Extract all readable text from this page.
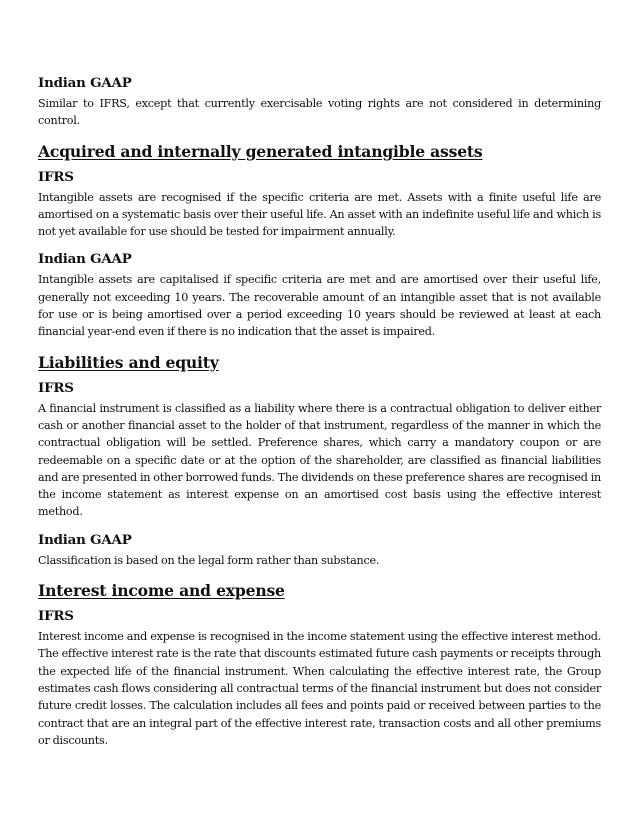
Indian GAAP

Similar to IFRS, except that currently exercisable voting rights are not considered in determining control.

Acquired and internally generated intangible assets
IFRS

Intangible assets are recognised if the specific criteria are met. Assets with a finite useful life are amortised on a systematic basis over their useful life. An asset with an indefinite useful life and which is not yet available for use should be tested for impairment annually.

Indian GAAP

Intangible assets are capitalised if specific criteria are met and are amortised over their useful life, generally not exceeding 10 years. The recoverable amount of an intangible asset that is not available for use or is being amortised over a period exceeding 10 years should be reviewed at least at each financial year-end even if there is no indication that the asset is impaired.

Liabilities and equity
IFRS

A financial instrument is classified as a liability where there is a contractual obligation to deliver either cash or another financial asset to the holder of that instrument, regardless of the manner in which the contractual obligation will be settled. Preference shares, which carry a mandatory coupon or are redeemable on a specific date or at the option of the shareholder, are classified as financial liabilities and are presented in other borrowed funds. The dividends on these preference shares are recognised in the income statement as interest expense on an amortised cost basis using the effective interest method.

Indian GAAP

Classification is based on the legal form rather than substance.

Interest income and expense
IFRS

Interest income and expense is recognised in the income statement using the effective interest method. The effective interest rate is the rate that discounts estimated future cash payments or receipts through the expected life of the financial instrument. When calculating the effective interest rate, the Group estimates cash flows considering all contractual terms of the financial instrument but does not consider future credit losses. The calculation includes all fees and points paid or received between parties to the contract that are an integral part of the effective interest rate, transaction costs and all other premiums or discounts.
